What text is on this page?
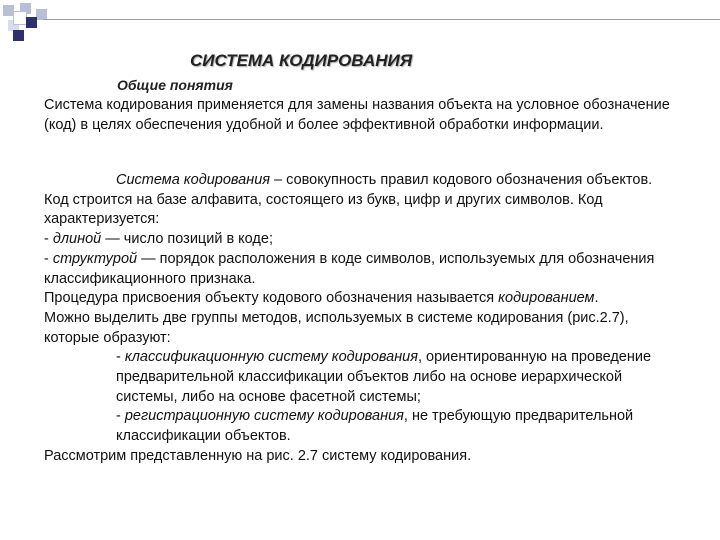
СИСТЕМА КОДИРОВАНИЯ
Общие понятия
Система кодирования применяется для замены названия объекта на условное обозначение (код) в целях обеспечения удобной и более эффективной обработки информации.
Система кодирования – совокупность правил кодового обозначения объектов.
Код строится на базе алфавита, состоящего из букв, цифр и других символов. Код характеризуется:
- длиной — число позиций в коде;
- структурой — порядок расположения в коде символов, используемых для обозначения классификационного признака.
Процедура присвоения объекту кодового обозначения называется кодированием.
Можно выделить две группы методов, используемых в системе кодирования (рис.2.7), которые образуют:
- классификационную систему кодирования, ориентированную на проведение предварительной классификации объектов либо на основе иерархической системы, либо на основе фасетной системы;
- регистрационную систему кодирования, не требующую предварительной классификации объектов.
Рассмотрим представленную на рис. 2.7 систему кодирования.
